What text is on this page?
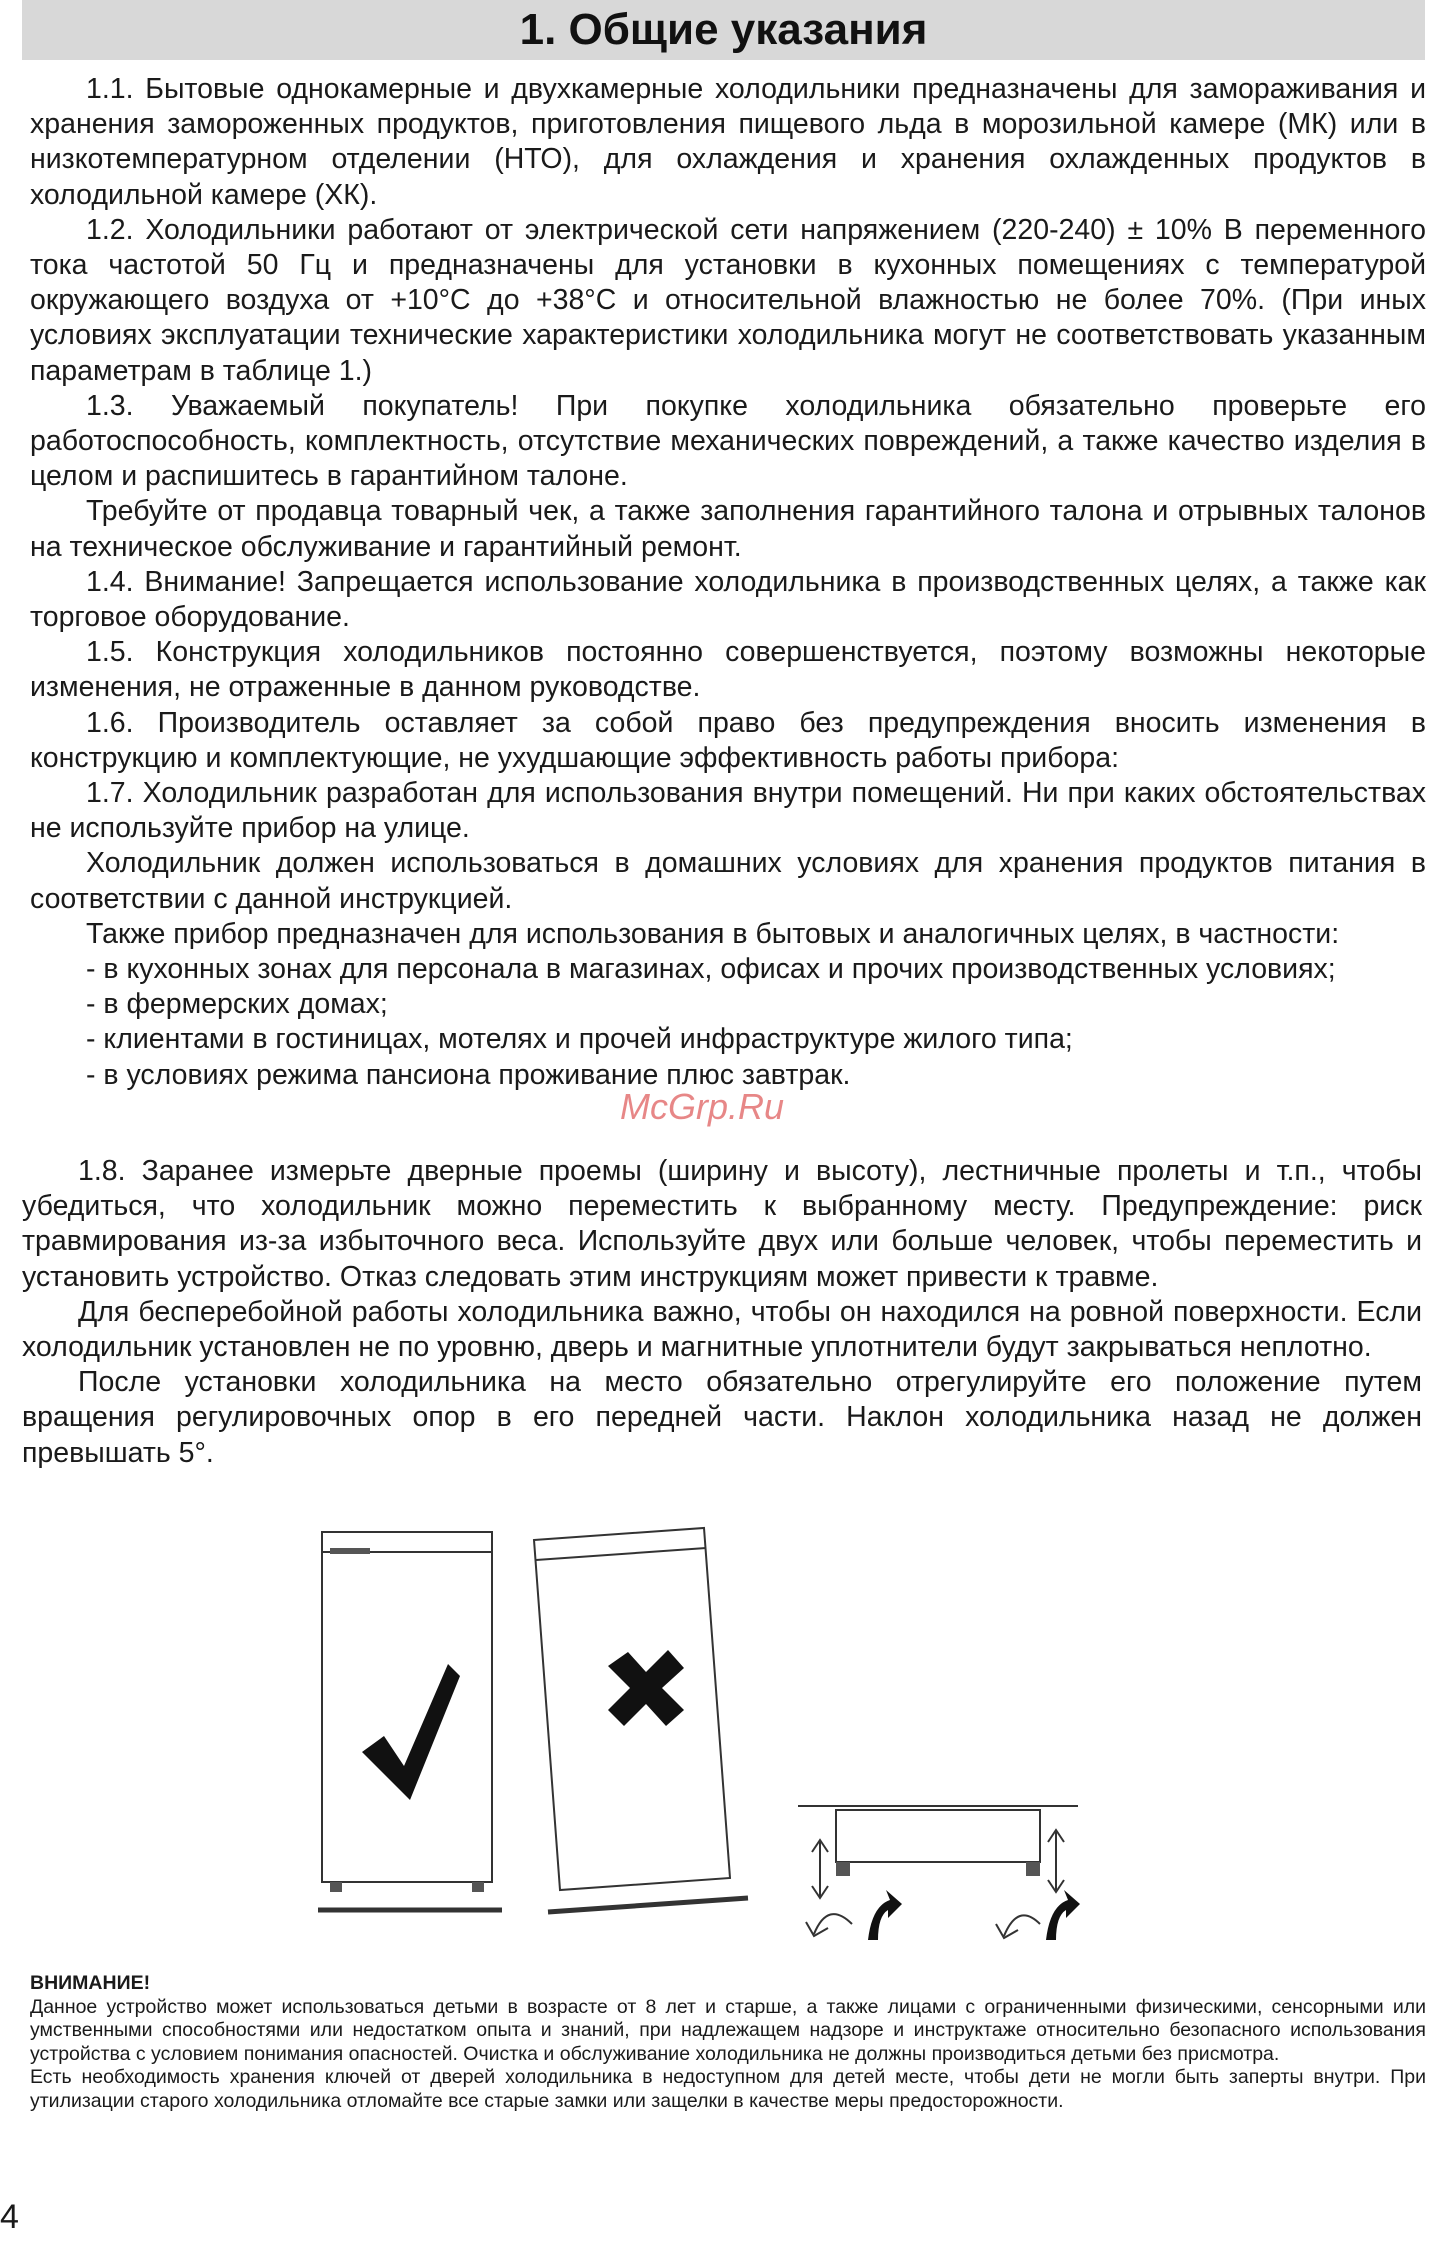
1. Общие указания

1.1. Бытовые однокамерные и двухкамерные холодильники предназначены для замораживания и хранения замороженных продуктов, приготовления пищевого льда в морозильной камере (МК) или в низкотемпературном отделении (НТО), для охлаждения и хранения охлажденных продуктов в холодильной камере (ХК).

1.2. Холодильники работают от электрической сети напряжением (220-240) ± 10% В переменного тока частотой 50 Гц и предназначены для установки в кухонных помещениях с температурой окружающего воздуха от +10°C до +38°C и относительной влажностью не более 70%. (При иных условиях эксплуатации технические характеристики холодильника могут не соответствовать указанным параметрам в таблице 1.)

1.3. Уважаемый покупатель! При покупке холодильника обязательно проверьте его работоспособность, комплектность, отсутствие механических повреждений, а также качество изделия в целом и распишитесь в гарантийном талоне.

Требуйте от продавца товарный чек, а также заполнения гарантийного талона и отрывных талонов на техническое обслуживание и гарантийный ремонт.

1.4. Внимание! Запрещается использование холодильника в производственных целях, а также как торговое оборудование.

1.5. Конструкция холодильников постоянно совершенствуется, поэтому возможны некоторые изменения, не отраженные в данном руководстве.

1.6. Производитель оставляет за собой право без предупреждения вносить изменения в конструкцию и комплектующие, не ухудшающие эффективность работы прибора:

1.7. Холодильник разработан для использования внутри помещений. Ни при каких обстоятельствах не используйте прибор на улице.

Холодильник должен использоваться в домашних условиях для хранения продуктов питания в соответствии с данной инструкцией.

Также прибор предназначен для использования в бытовых и аналогичных целях, в частности:

- в кухонных зонах для персонала в магазинах, офисах и прочих производственных условиях;
- в фермерских домах;
- клиентами в гостиницах, мотелях и прочей инфраструктуре жилого типа;
- в условиях режима пансиона проживание плюс завтрак.
McGrp.Ru

1.8. Заранее измерьте дверные проемы (ширину и высоту), лестничные пролеты и т.п., чтобы убедиться, что холодильник можно переместить к выбранному месту. Предупреждение: риск травмирования из-за избыточного веса. Используйте двух или больше человек, чтобы переместить и установить устройство. Отказ следовать этим инструкциям может привести к травме.

Для бесперебойной работы холодильника важно, чтобы он находился на ровной поверхности. Если холодильник установлен не по уровню, дверь и магнитные уплотнители будут закрываться неплотно.

После установки холодильника на место обязательно отрегулируйте его положение путем вращения регулировочных опор в его передней части. Наклон холодильника назад не должен превышать 5°.

ВНИМАНИЕ!

Данное устройство может использоваться детьми в возрасте от 8 лет и старше, а также лицами с ограниченными физическими, сенсорными или умственными способностями или недостатком опыта и знаний, при надлежащем надзоре и инструктаже относительно безопасного использования устройства с условием понимания опасностей. Очистка и обслуживание холодильника не должны производиться детьми без присмотра.

Есть необходимость хранения ключей от дверей холодильника в недоступном для детей месте, чтобы дети не могли быть заперты внутри. При утилизации старого холодильника отломайте все старые замки или защелки в качестве меры предосторожности.

4
